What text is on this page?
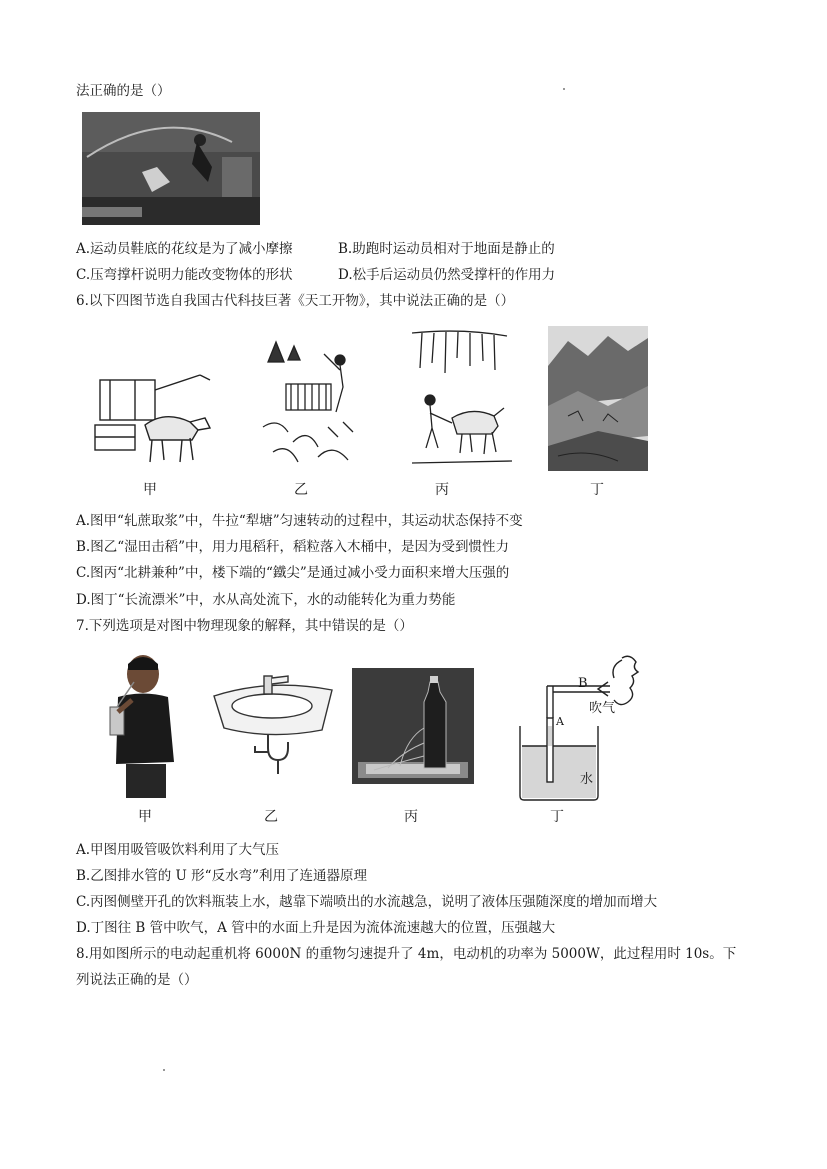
法正确的是（）
A.运动员鞋底的花纹是为了减小摩擦	B.助跑时运动员相对于地面是静止的
C.压弯撑杆说明力能改变物体的形状	D.松手后运动员仍然受撑杆的作用力
6.以下四图节选自我国古代科技巨著《天工开物》，其中说法正确的是（）
甲	乙	丙	丁
A.图甲“轧蔗取浆”中，牛拉“犁塘”匀速转动的过程中，其运动状态保持不变
B.图乙“湿田击稻”中，用力甩稻秆，稻粒落入木桶中，是因为受到惯性力
C.图丙“北耕兼种”中，楼下端的“鐵尖”是通过减小受力面积来增大压强的
D.图丁“长流漂米”中，水从高处流下，水的动能转化为重力势能
7.下列选项是对图中物理现象的解释，其中错误的是（）
甲	乙	丙
B
A
吹气
水
丁
A.甲图用吸管吸饮料利用了大气压
B.乙图排水管的 U 形“反水弯”利用了连通器原理
C.丙图侧壁开孔的饮料瓶装上水，越靠下端喷出的水流越急，说明了液体压强随深度的增加而增大
D.丁图往 B 管中吹气，A 管中的水面上升是因为流体流速越大的位置，压强越大
8.用如图所示的电动起重机将 6000N 的重物匀速提升了 4m，电动机的功率为 5000W，此过程用时 10s。下
列说法正确的是（）
